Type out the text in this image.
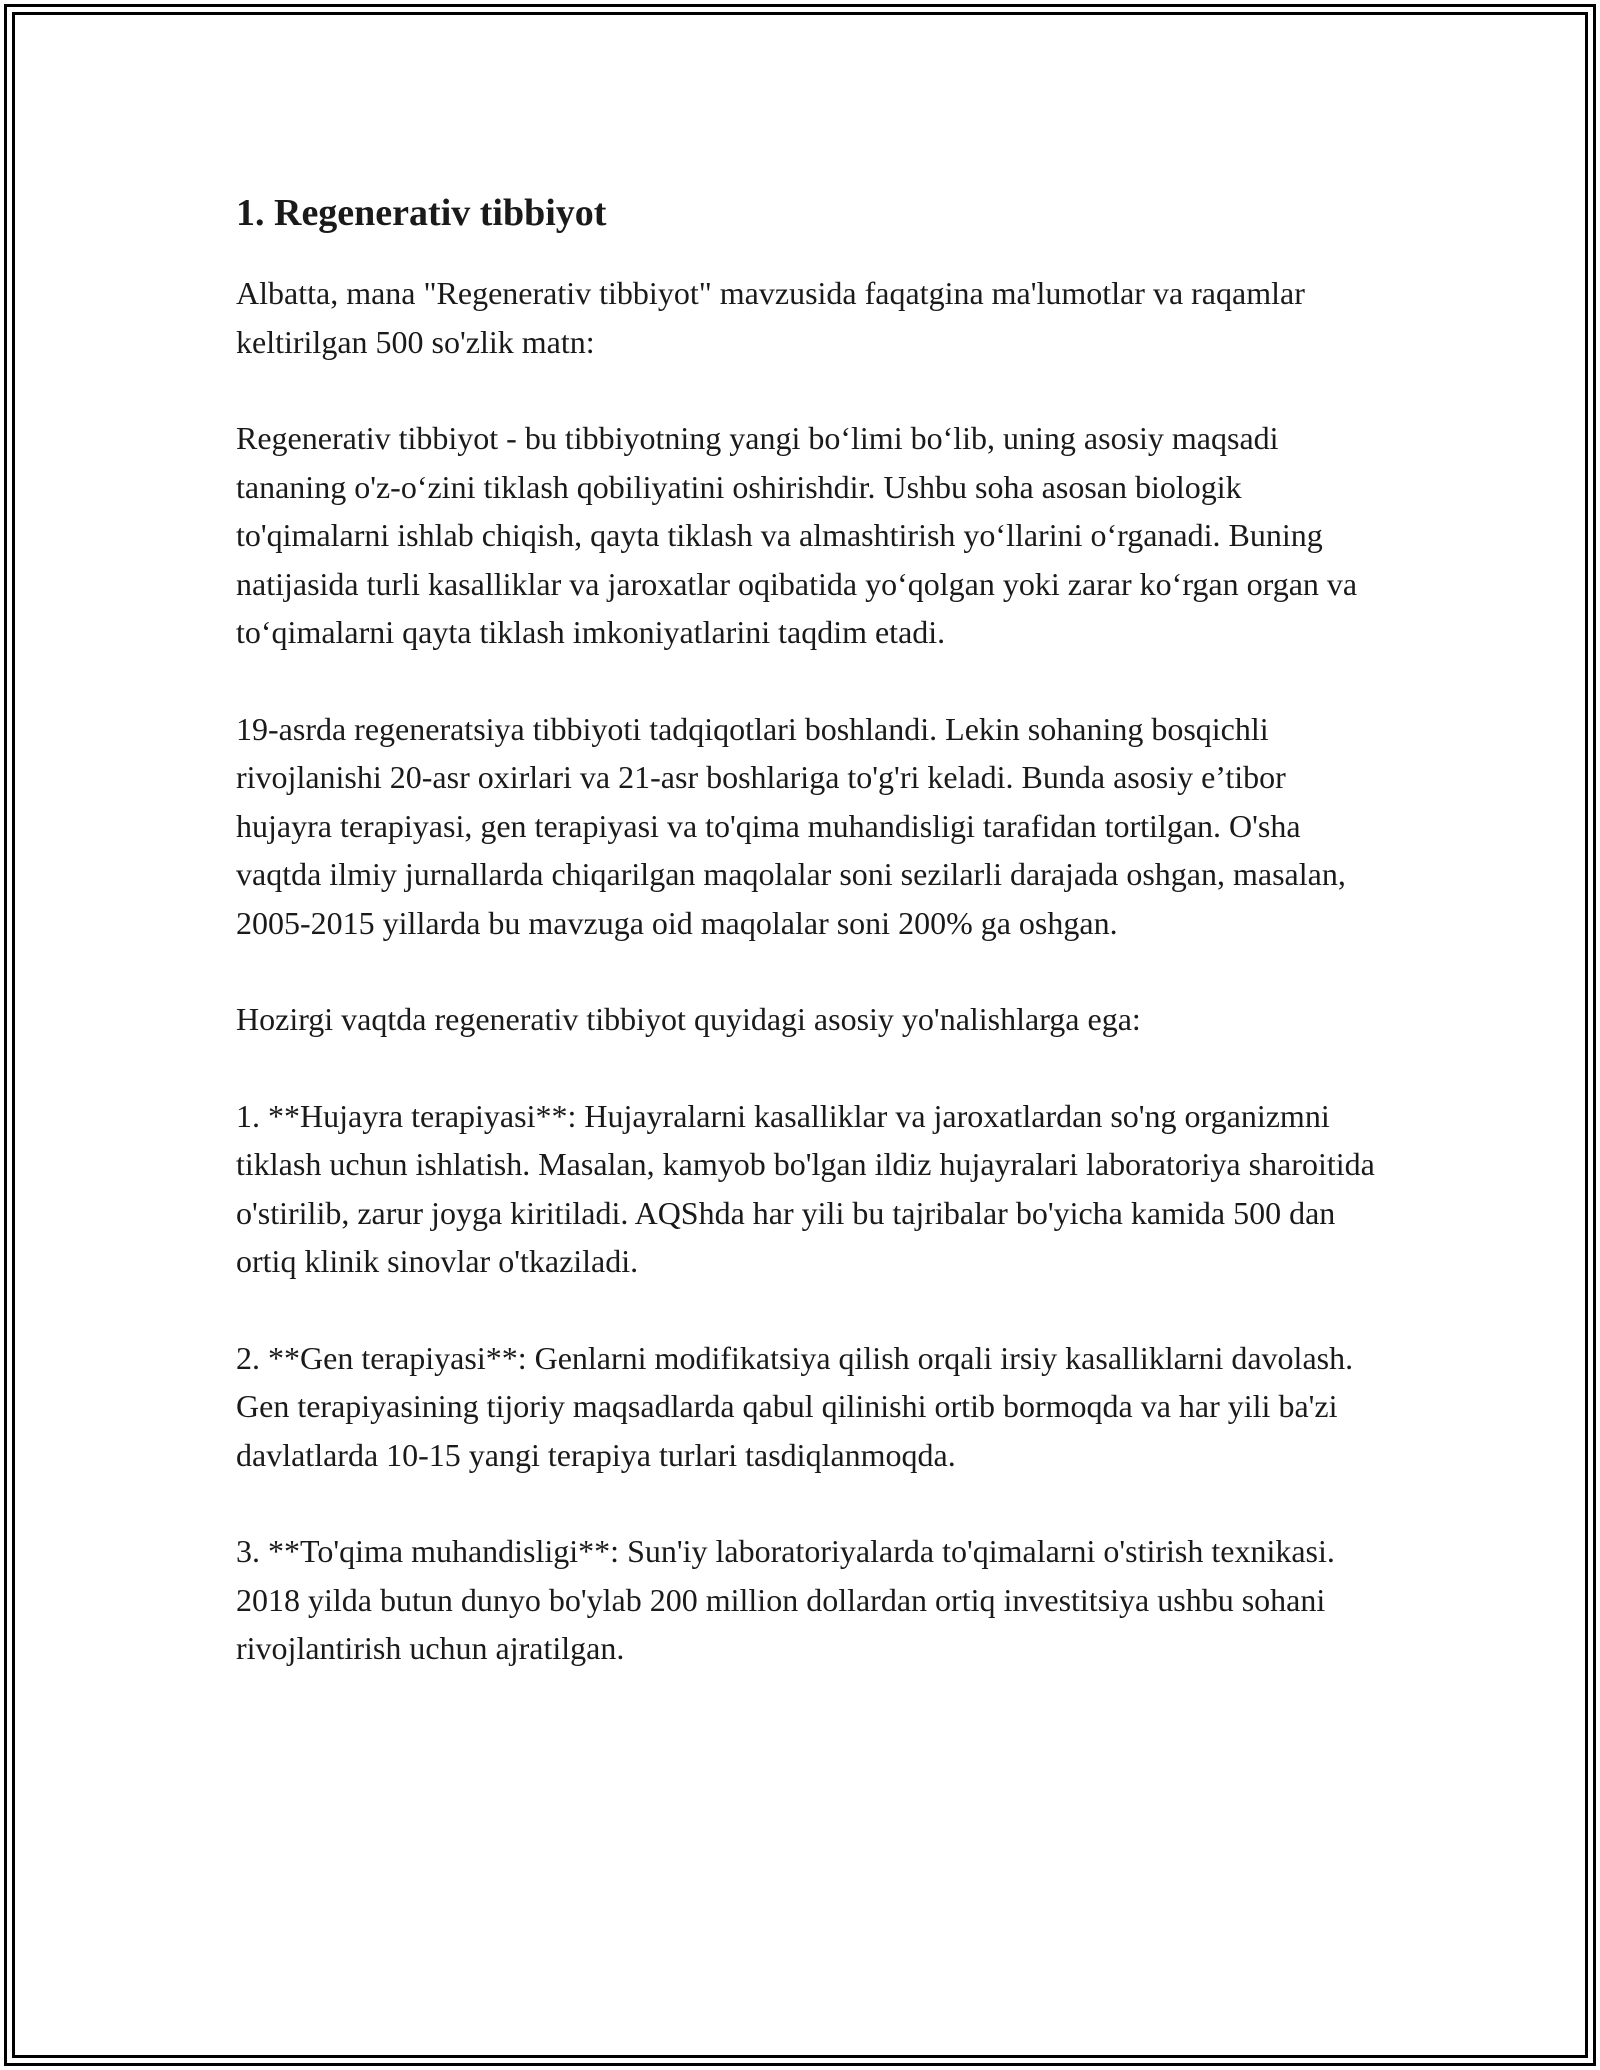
1. Regenerativ tibbiyot

Albatta, mana "Regenerativ tibbiyot" mavzusida faqatgina ma'lumotlar va raqamlar keltirilgan 500 so'zlik matn:

Regenerativ tibbiyot - bu tibbiyotning yangi bo‘limi bo‘lib, uning asosiy maqsadi tananing o'z-o‘zini tiklash qobiliyatini oshirishdir. Ushbu soha asosan biologik to'qimalarni ishlab chiqish, qayta tiklash va almashtirish yo‘llarini o‘rganadi. Buning natijasida turli kasalliklar va jaroxatlar oqibatida yo‘qolgan yoki zarar ko‘rgan organ va to‘qimalarni qayta tiklash imkoniyatlarini taqdim etadi.

19-asrda regeneratsiya tibbiyoti tadqiqotlari boshlandi. Lekin sohaning bosqichli rivojlanishi 20-asr oxirlari va 21-asr boshlariga to'g'ri keladi. Bunda asosiy e’tibor hujayra terapiyasi, gen terapiyasi va to'qima muhandisligi tarafidan tortilgan. O'sha vaqtda ilmiy jurnallarda chiqarilgan maqolalar soni sezilarli darajada oshgan, masalan, 2005-2015 yillarda bu mavzuga oid maqolalar soni 200% ga oshgan.

Hozirgi vaqtda regenerativ tibbiyot quyidagi asosiy yo'nalishlarga ega:

1. **Hujayra terapiyasi**: Hujayralarni kasalliklar va jaroxatlardan so'ng organizmni tiklash uchun ishlatish. Masalan, kamyob bo'lgan ildiz hujayralari laboratoriya sharoitida o'stirilib, zarur joyga kiritiladi. AQShda har yili bu tajribalar bo'yicha kamida 500 dan ortiq klinik sinovlar o'tkaziladi.

2. **Gen terapiyasi**: Genlarni modifikatsiya qilish orqali irsiy kasalliklarni davolash. Gen terapiyasining tijoriy maqsadlarda qabul qilinishi ortib bormoqda va har yili ba'zi davlatlarda 10-15 yangi terapiya turlari tasdiqlanmoqda.

3. **To'qima muhandisligi**: Sun'iy laboratoriyalarda to'qimalarni o'stirish texnikasi. 2018 yilda butun dunyo bo'ylab 200 million dollardan ortiq investitsiya ushbu sohani rivojlantirish uchun ajratilgan.
